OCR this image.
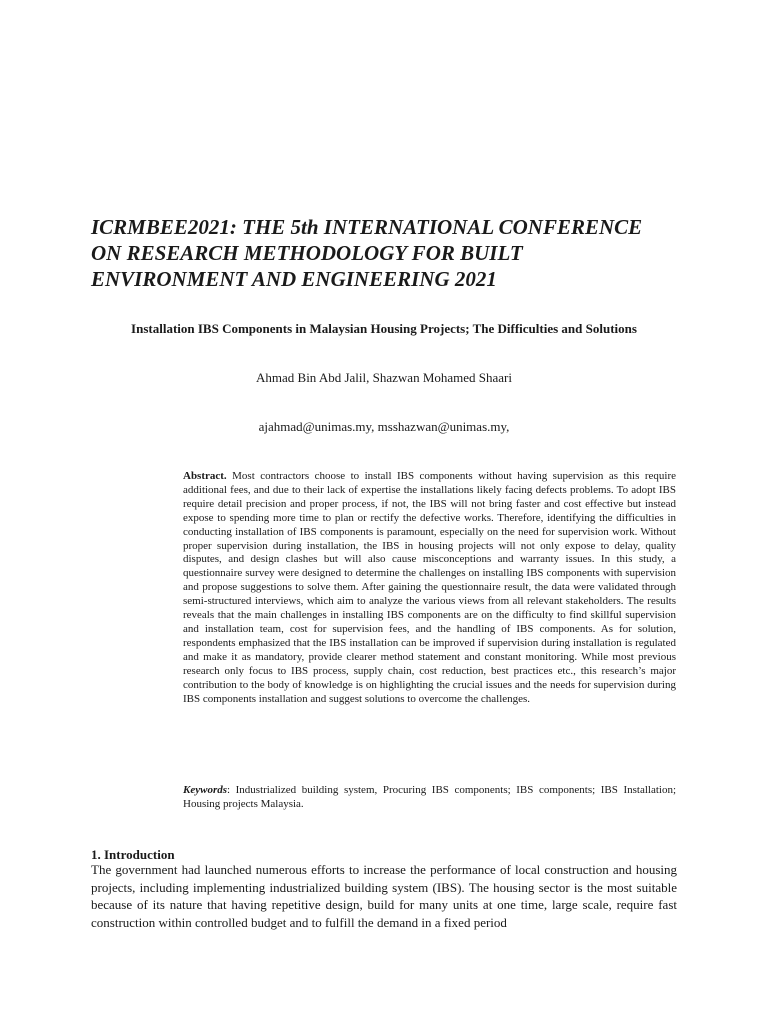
ICRMBEE2021: THE 5th INTERNATIONAL CONFERENCE
ON RESEARCH METHODOLOGY FOR BUILT
ENVIRONMENT AND ENGINEERING 2021

Installation IBS Components in Malaysian Housing Projects; The Difficulties and Solutions

Ahmad Bin Abd Jalil, Shazwan Mohamed Shaari

ajahmad@unimas.my, msshazwan@unimas.my,

Abstract. Most contractors choose to install IBS components without having supervision as this require additional fees, and due to their lack of expertise the installations likely facing defects problems. To adopt IBS require detail precision and proper process, if not, the IBS will not bring faster and cost effective but instead expose to spending more time to plan or rectify the defective works. Therefore, identifying the difficulties in conducting installation of IBS components is paramount, especially on the need for supervision work. Without proper supervision during installation, the IBS in housing projects will not only expose to delay, quality disputes, and design clashes but will also cause misconceptions and warranty issues. In this study, a questionnaire survey were designed to determine the challenges on installing IBS components with supervision and propose suggestions to solve them. After gaining the questionnaire result, the data were validated through semi-structured interviews, which aim to analyze the various views from all relevant stakeholders. The results reveals that the main challenges in installing IBS components are on the difficulty to find skillful supervision and installation team, cost for supervision fees, and the handling of IBS components. As for solution, respondents emphasized that the IBS installation can be improved if supervision during installation is regulated and make it as mandatory, provide clearer method statement and constant monitoring. While most previous research only focus to IBS process, supply chain, cost reduction, best practices etc., this research’s major contribution to the body of knowledge is on highlighting the crucial issues and the needs for supervision during IBS components installation and suggest solutions to overcome the challenges.

Keywords: Industrialized building system, Procuring IBS components; IBS components; IBS Installation; Housing projects Malaysia.

1. Introduction

The government had launched numerous efforts to increase the performance of local construction and housing projects, including implementing industrialized building system (IBS). The housing sector is the most suitable because of its nature that having repetitive design, build for many units at one time, large scale, require fast construction within controlled budget and to fulfill the demand in a fixed period
